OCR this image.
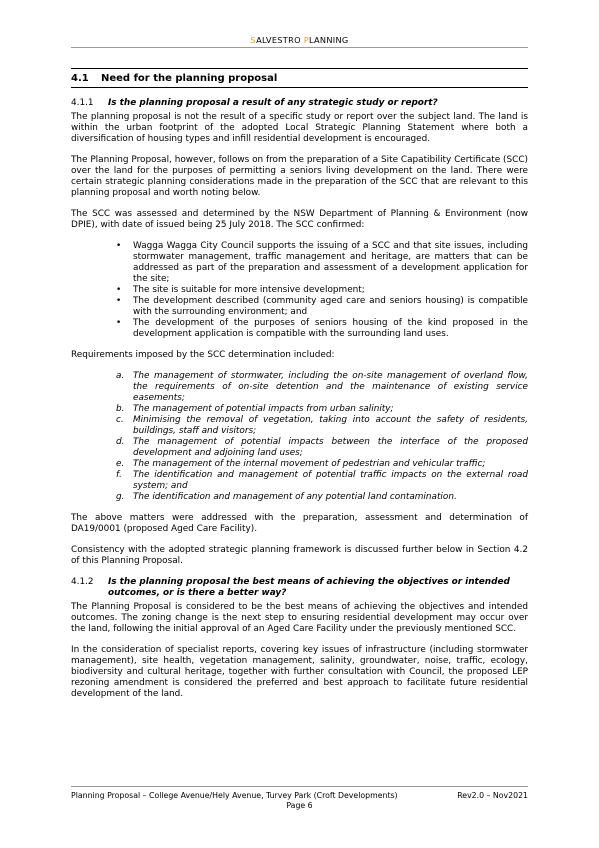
SALVESTRO PLANNING
4.1	Need for the planning proposal
4.1.1	Is the planning proposal a result of any strategic study or report?

The planning proposal is not the result of a specific study or report over the subject land. The land is within the urban footprint of the adopted Local Strategic Planning Statement where both a diversification of housing types and infill residential development is encouraged.

The Planning Proposal, however, follows on from the preparation of a Site Capatibility Certificate (SCC) over the land for the purposes of permitting a seniors living development on the land. There were certain strategic planning considerations made in the preparation of the SCC that are relevant to this planning proposal and worth noting below.

The SCC was assessed and determined by the NSW Department of Planning & Environment (now DPIE), with date of issued being 25 July 2018. The SCC confirmed:

• Wagga Wagga City Council supports the issuing of a SCC and that site issues, including stormwater management, traffic management and heritage, are matters that can be addressed as part of the preparation and assessment of a development application for the site;
• The site is suitable for more intensive development;
• The development described (community aged care and seniors housing) is compatible with the surrounding environment; and
• The development of the purposes of seniors housing of the kind proposed in the development application is compatible with the surrounding land uses.

Requirements imposed by the SCC determination included:

a. The management of stormwater, including the on-site management of overland flow, the requirements of on-site detention and the maintenance of existing service easements;
b. The management of potential impacts from urban salinity;
c. Minimising the removal of vegetation, taking into account the safety of residents, buildings, staff and visitors;
d. The management of potential impacts between the interface of the proposed development and adjoining land uses;
e. The management of the internal movement of pedestrian and vehicular traffic;
f. The identification and management of potential traffic impacts on the external road system; and
g. The identification and management of any potential land contamination.

The above matters were addressed with the preparation, assessment and determination of DA19/0001 (proposed Aged Care Facility).

Consistency with the adopted strategic planning framework is discussed further below in Section 4.2 of this Planning Proposal.

4.1.2	Is the planning proposal the best means of achieving the objectives or intended outcomes, or is there a better way?

The Planning Proposal is considered to be the best means of achieving the objectives and intended outcomes. The zoning change is the next step to ensuring residential development may occur over the land, following the initial approval of an Aged Care Facility under the previously mentioned SCC.

In the consideration of specialist reports, covering key issues of infrastructure (including stormwater management), site health, vegetation management, salinity, groundwater, noise, traffic, ecology, biodiversity and cultural heritage, together with further consultation with Council, the proposed LEP rezoning amendment is considered the preferred and best approach to facilitate future residential development of the land.

Planning Proposal – College Avenue/Hely Avenue, Turvey Park (Croft Developments)	Rev2.0 – Nov2021
Page 6
